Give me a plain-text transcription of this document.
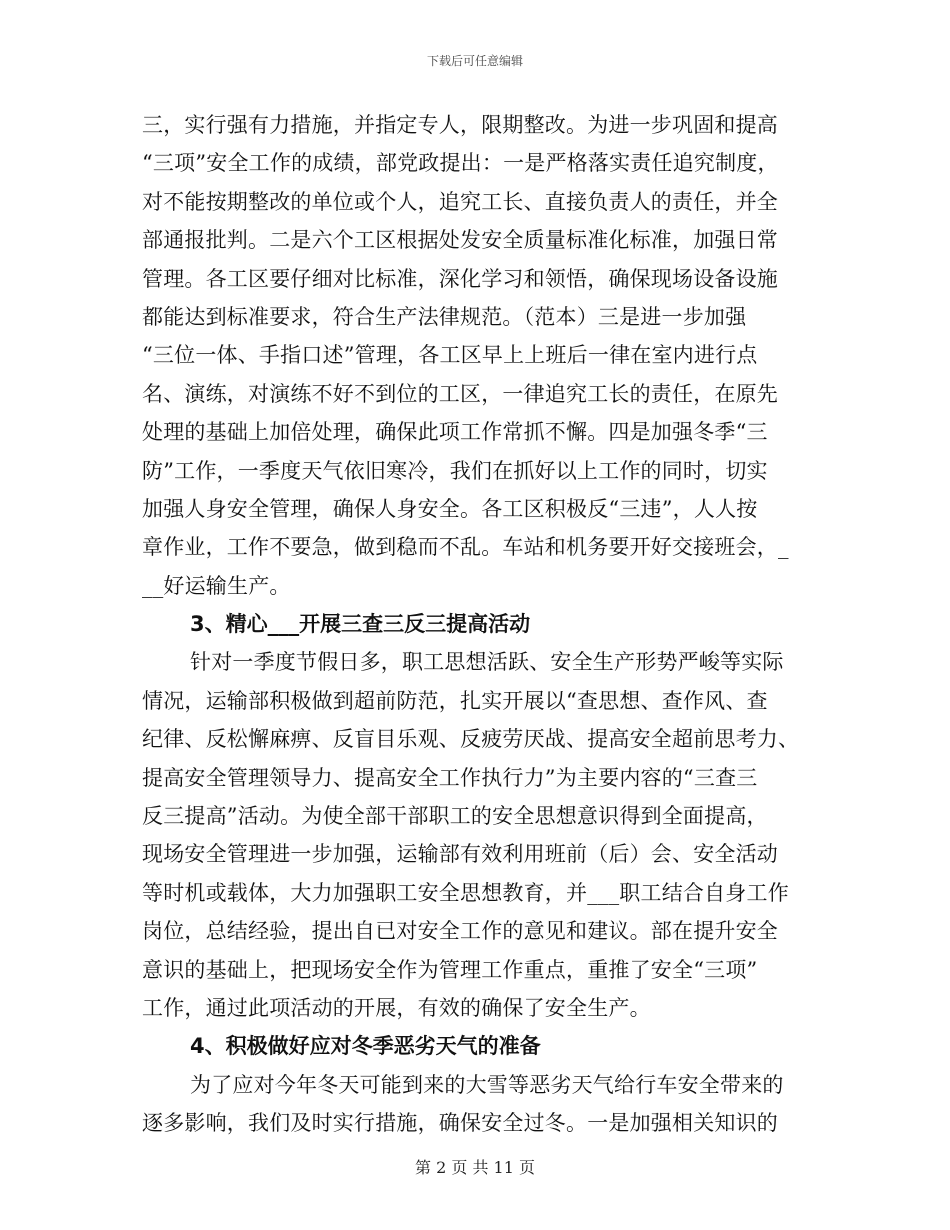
下载后可任意编辑
三，实行强有力措施，并指定专人，限期整改。为进一步巩固和提高
“三项”安全工作的成绩，部党政提出：一是严格落实责任追究制度，
对不能按期整改的单位或个人，追究工长、直接负责人的责任，并全
部通报批判。二是六个工区根据处发安全质量标准化标准，加强日常
管理。各工区要仔细对比标准，深化学习和领悟，确保现场设备设施
都能达到标准要求，符合生产法律规范。（范本）三是进一步加强
“三位一体、手指口述”管理，各工区早上上班后一律在室内进行点
名、演练，对演练不好不到位的工区，一律追究工长的责任，在原先
处理的基础上加倍处理，确保此项工作常抓不懈。四是加强冬季“三
防”工作，一季度天气依旧寒冷，我们在抓好以上工作的同时，切实
加强人身安全管理，确保人身安全。各工区积极反“三违”，人人按
章作业，工作不要急，做到稳而不乱。车站和机务要开好交接班会，_
__好运输生产。
3、精心___开展三查三反三提高活动
针对一季度节假日多，职工思想活跃、安全生产形势严峻等实际
情况，运输部积极做到超前防范，扎实开展以“查思想、查作风、查
纪律、反松懈麻痹、反盲目乐观、反疲劳厌战、提高安全超前思考力、
提高安全管理领导力、提高安全工作执行力”为主要内容的“三查三
反三提高”活动。为使全部干部职工的安全思想意识得到全面提高，
现场安全管理进一步加强，运输部有效利用班前（后）会、安全活动
等时机或载体，大力加强职工安全思想教育，并___职工结合自身工作
岗位，总结经验，提出自已对安全工作的意见和建议。部在提升安全
意识的基础上，把现场安全作为管理工作重点，重推了安全“三项”
工作，通过此项活动的开展，有效的确保了安全生产。
4、积极做好应对冬季恶劣天气的准备
为了应对今年冬天可能到来的大雪等恶劣天气给行车安全带来的
逐多影响，我们及时实行措施，确保安全过冬。一是加强相关知识的
第 2 页 共 11 页
